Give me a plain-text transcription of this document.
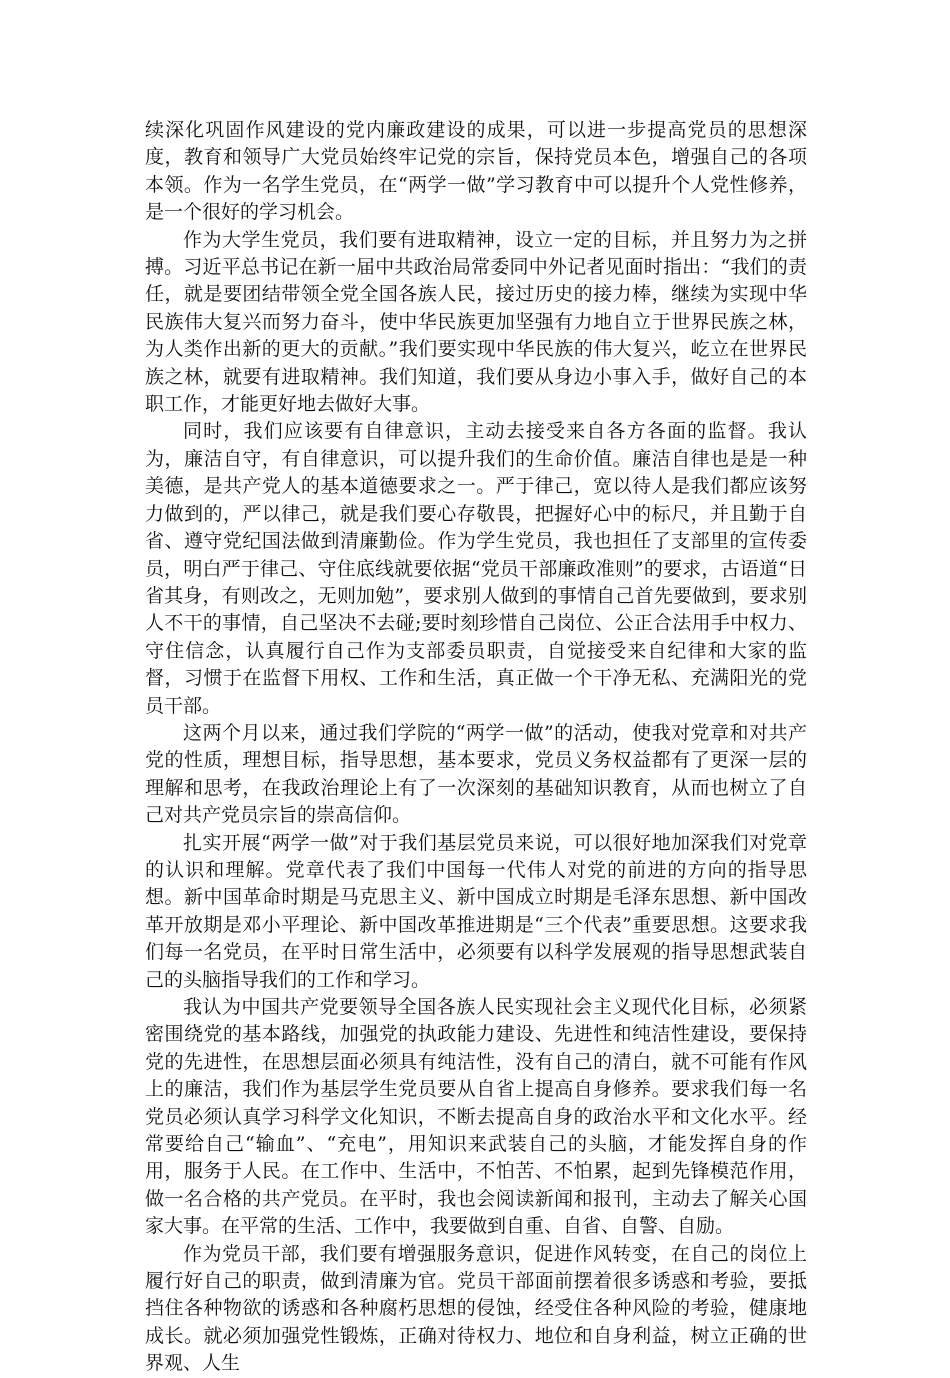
续深化巩固作风建设的党内廉政建设的成果，可以进一步提高党员的思想深度，教育和领导广大党员始终牢记党的宗旨，保持党员本色，增强自己的各项本领。作为一名学生党员，在“两学一做”学习教育中可以提升个人党性修养，是一个很好的学习机会。

作为大学生党员，我们要有进取精神，设立一定的目标，并且努力为之拼搏。习近平总书记在新一届中共政治局常委同中外记者见面时指出：“我们的责任，就是要团结带领全党全国各族人民，接过历史的接力棒，继续为实现中华民族伟大复兴而努力奋斗，使中华民族更加坚强有力地自立于世界民族之林，为人类作出新的更大的贡献。”我们要实现中华民族的伟大复兴，屹立在世界民族之林，就要有进取精神。我们知道，我们要从身边小事入手，做好自己的本职工作，才能更好地去做好大事。

同时，我们应该要有自律意识，主动去接受来自各方各面的监督。我认为，廉洁自守，有自律意识，可以提升我们的生命价值。廉洁自律也是是一种美德，是共产党人的基本道德要求之一。严于律己，宽以待人是我们都应该努力做到的，严以律己，就是我们要心存敬畏，把握好心中的标尺，并且勤于自省、遵守党纪国法做到清廉勤俭。作为学生党员，我也担任了支部里的宣传委员，明白严于律己、守住底线就要依据“党员干部廉政准则”的要求，古语道“日省其身，有则改之，无则加勉”，要求别人做到的事情自己首先要做到，要求别人不干的事情，自己坚决不去碰;要时刻珍惜自己岗位、公正合法用手中权力、守住信念，认真履行自己作为支部委员职责，自觉接受来自纪律和大家的监督，习惯于在监督下用权、工作和生活，真正做一个干净无私、充满阳光的党员干部。

这两个月以来，通过我们学院的“两学一做”的活动，使我对党章和对共产党的性质，理想目标，指导思想，基本要求，党员义务权益都有了更深一层的理解和思考，在我政治理论上有了一次深刻的基础知识教育，从而也树立了自己对共产党员宗旨的崇高信仰。

扎实开展“两学一做”对于我们基层党员来说，可以很好地加深我们对党章的认识和理解。党章代表了我们中国每一代伟人对党的前进的方向的指导思想。新中国革命时期是马克思主义、新中国成立时期是毛泽东思想、新中国改革开放期是邓小平理论、新中国改革推进期是“三个代表”重要思想。这要求我们每一名党员，在平时日常生活中，必须要有以科学发展观的指导思想武装自己的头脑指导我们的工作和学习。

我认为中国共产党要领导全国各族人民实现社会主义现代化目标，必须紧密围绕党的基本路线，加强党的执政能力建设、先进性和纯洁性建设，要保持党的先进性，在思想层面必须具有纯洁性，没有自己的清白，就不可能有作风上的廉洁，我们作为基层学生党员要从自省上提高自身修养。要求我们每一名党员必须认真学习科学文化知识，不断去提高自身的政治水平和文化水平。经常要给自己“输血”、“充电”，用知识来武装自己的头脑，才能发挥自身的作用，服务于人民。在工作中、生活中，不怕苦、不怕累，起到先锋模范作用，做一名合格的共产党员。在平时，我也会阅读新闻和报刊，主动去了解关心国家大事。在平常的生活、工作中，我要做到自重、自省、自警、自励。

作为党员干部，我们要有增强服务意识，促进作风转变，在自己的岗位上履行好自己的职责，做到清廉为官。党员干部面前摆着很多诱惑和考验，要抵挡住各种物欲的诱惑和各种腐朽思想的侵蚀，经受住各种风险的考验，健康地成长。就必须加强党性锻炼，正确对待权力、地位和自身利益，树立正确的世界观、人生
